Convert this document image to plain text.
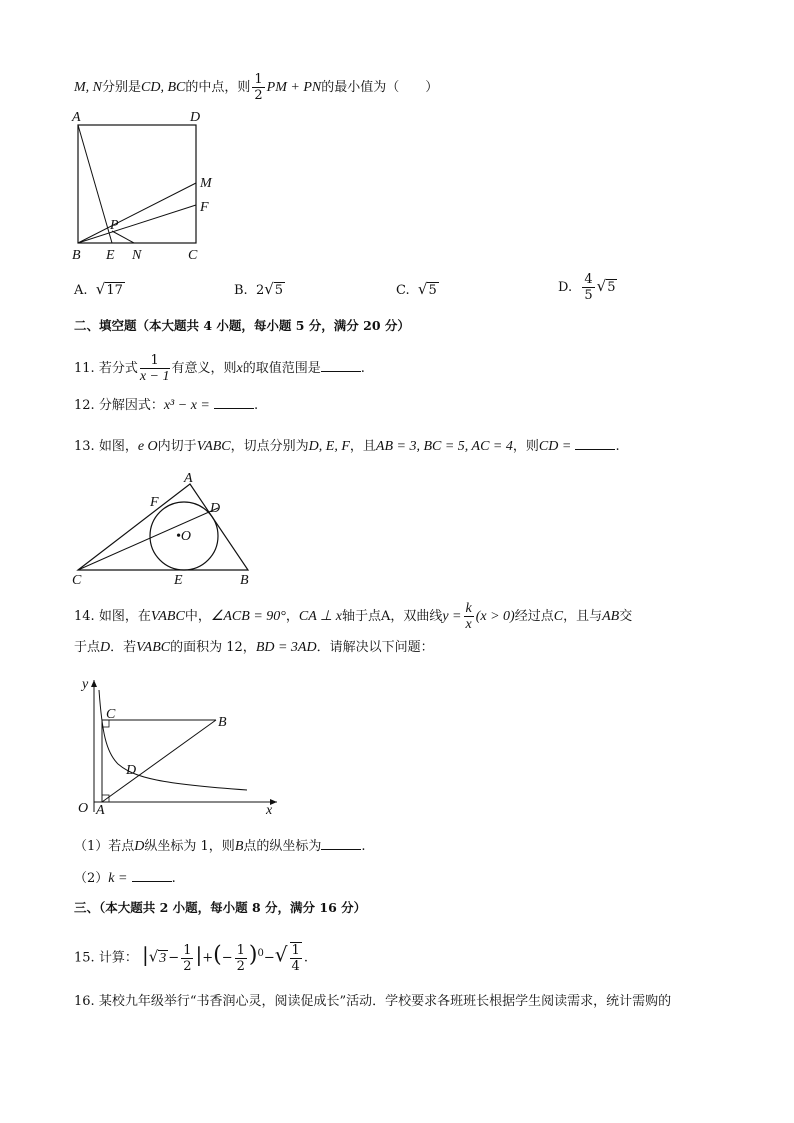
M, N分别是CD, BC的中点，则 $\frac{1}{2}$ PM + PN的最小值为（　　）
A	D
M
F
P
B E N	C
A. √17	B. 2√5	C. √5	D. $\frac{4}{5} √5$
二、填空题（本大题共 4 小题，每小题 5 分，满分 20 分）
11. 若分式 $\frac{1}{x - 1}$ 有意义，则x的取值范围是	.
12. 分解因式：x³ − x =	.
13. 如图，e O内切于VABC，切点分别为D, E, F，且AB = 3, BC = 5, AC = 4，则CD =	.
A
F	D
•O
C	E	B
14. 如图，在VABC中，∠ACB = 90°，CA ⊥ x轴于点A，双曲线$y = \frac{k}{x} (x > 0)$经过点C，且与AB交
于点D．若VABC的面积为 12，BD = 3AD．请解决以下问题：
y
C
B
D
O A	x
（1）若点D纵坐标为 1，则B点的纵坐标为	.
（2）k =	.
三、（本大题共 2 小题，每小题 8 分，满分 16 分）
15. 计算： $|√3 - \frac{1}{2}$ |+(− $\frac{1}{2} )^0-√ \frac{1}{4}$ .
16. 某校九年级举行“书香润心灵，阅读促成长”活动．学校要求各班班长根据学生阅读需求，统计需购的
